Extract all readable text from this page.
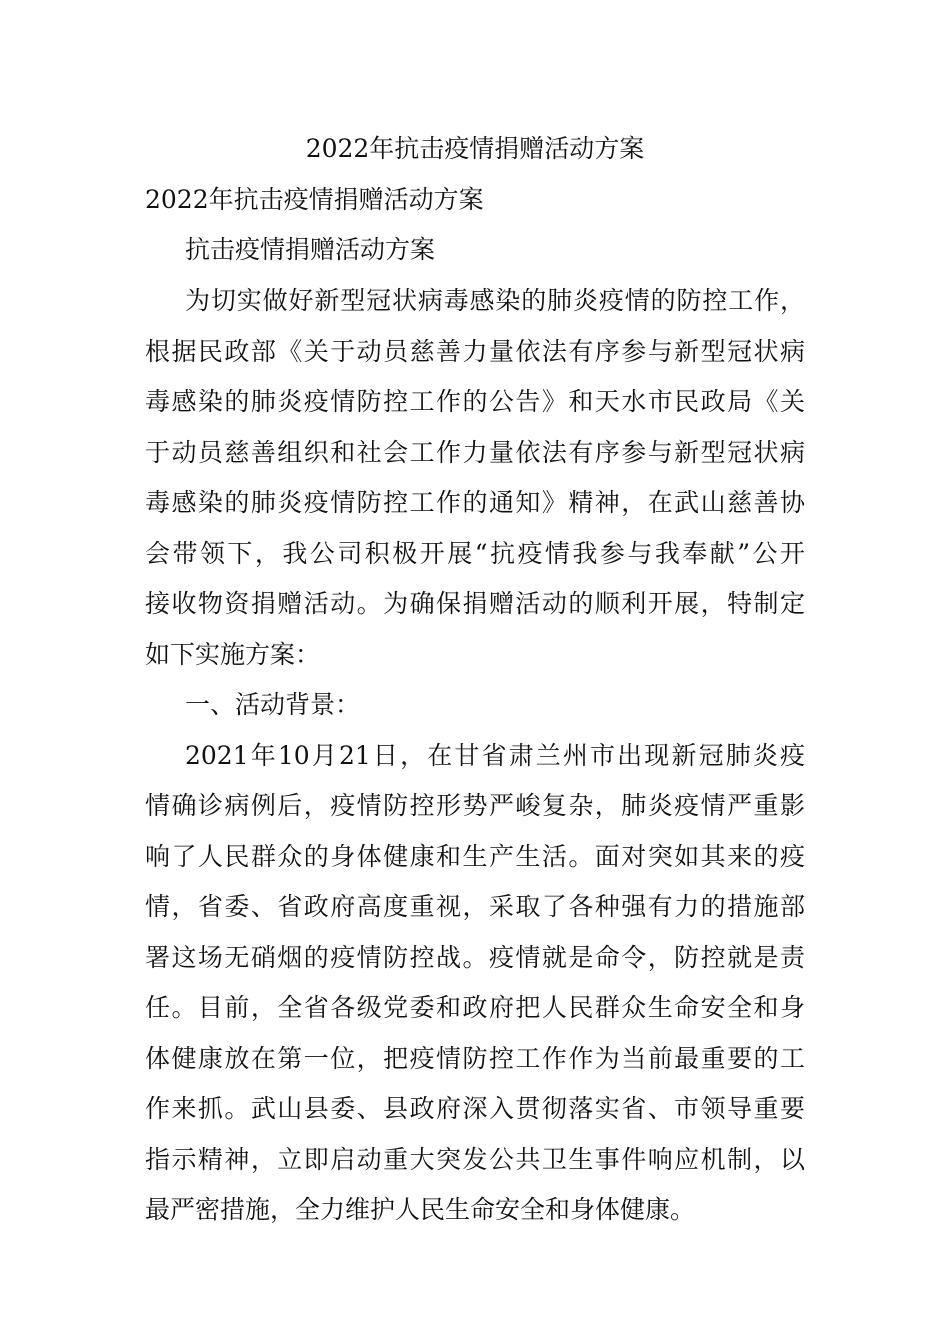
2022年抗击疫情捐赠活动方案
2022年抗击疫情捐赠活动方案
抗击疫情捐赠活动方案
为切实做好新型冠状病毒感染的肺炎疫情的防控工作，
根据民政部《关于动员慈善力量依法有序参与新型冠状病
毒感染的肺炎疫情防控工作的公告》和天水市民政局《关
于动员慈善组织和社会工作力量依法有序参与新型冠状病
毒感染的肺炎疫情防控工作的通知》精神，在武山慈善协
会带领下，我公司积极开展“抗疫情我参与我奉献”公开
接收物资捐赠活动。为确保捐赠活动的顺利开展，特制定
如下实施方案：
一、活动背景：
2021年10月21日，在甘省肃兰州市出现新冠肺炎疫
情确诊病例后，疫情防控形势严峻复杂，肺炎疫情严重影
响了人民群众的身体健康和生产生活。面对突如其来的疫
情，省委、省政府高度重视，采取了各种强有力的措施部
署这场无硝烟的疫情防控战。疫情就是命令，防控就是责
任。目前，全省各级党委和政府把人民群众生命安全和身
体健康放在第一位，把疫情防控工作作为当前最重要的工
作来抓。武山县委、县政府深入贯彻落实省、市领导重要
指示精神，立即启动重大突发公共卫生事件响应机制，以
最严密措施，全力维护人民生命安全和身体健康。
